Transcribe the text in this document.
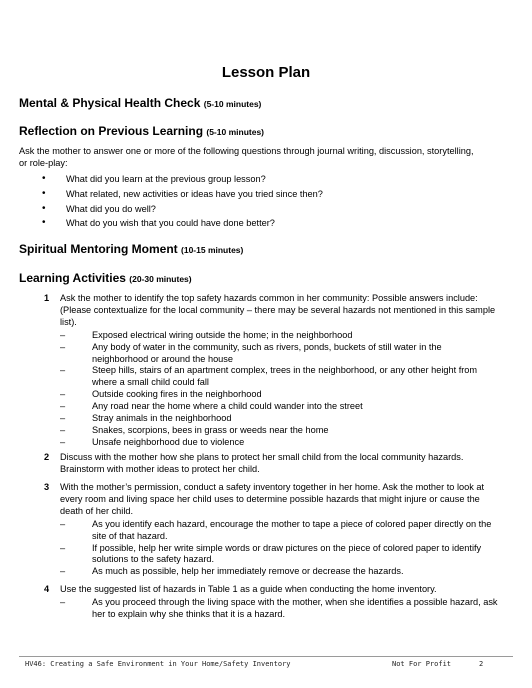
Lesson Plan
Mental & Physical Health Check (5-10 minutes)
Reflection on Previous Learning (5-10 minutes)
Ask the mother to answer one or more of the following questions through journal writing, discussion, storytelling, or role-play:
• What did you learn at the previous group lesson?
• What related, new activities or ideas have you tried since then?
• What did you do well?
• What do you wish that you could have done better?
Spiritual Mentoring Moment (10-15 minutes)
Learning Activities (20-30 minutes)
1 Ask the mother to identify the top safety hazards common in her community: Possible answers include: (Please contextualize for the local community – there may be several hazards not mentioned in this sample list).
– Exposed electrical wiring outside the home; in the neighborhood
– Any body of water in the community, such as rivers, ponds, buckets of still water in the neighborhood or around the house
– Steep hills, stairs of an apartment complex, trees in the neighborhood, or any other height from where a small child could fall
– Outside cooking fires in the neighborhood
– Any road near the home where a child could wander into the street
– Stray animals in the neighborhood
– Snakes, scorpions, bees in grass or weeds near the home
– Unsafe neighborhood due to violence
2 Discuss with the mother how she plans to protect her small child from the local community hazards. Brainstorm with mother ideas to protect her child.
3 With the mother’s permission, conduct a safety inventory together in her home. Ask the mother to look at every room and living space her child uses to determine possible hazards that might injure or cause the death of her child.
– As you identify each hazard, encourage the mother to tape a piece of colored paper directly on the site of that hazard.
– If possible, help her write simple words or draw pictures on the piece of colored paper to identify solutions to the safety hazard.
– As much as possible, help her immediately remove or decrease the hazards.
4 Use the suggested list of hazards in Table 1 as a guide when conducting the home inventory.
– As you proceed through the living space with the mother, when she identifies a possible hazard, ask her to explain why she thinks that it is a hazard.
HV46: Creating a Safe Environment in Your Home/Safety Inventory	Not For Profit	2
